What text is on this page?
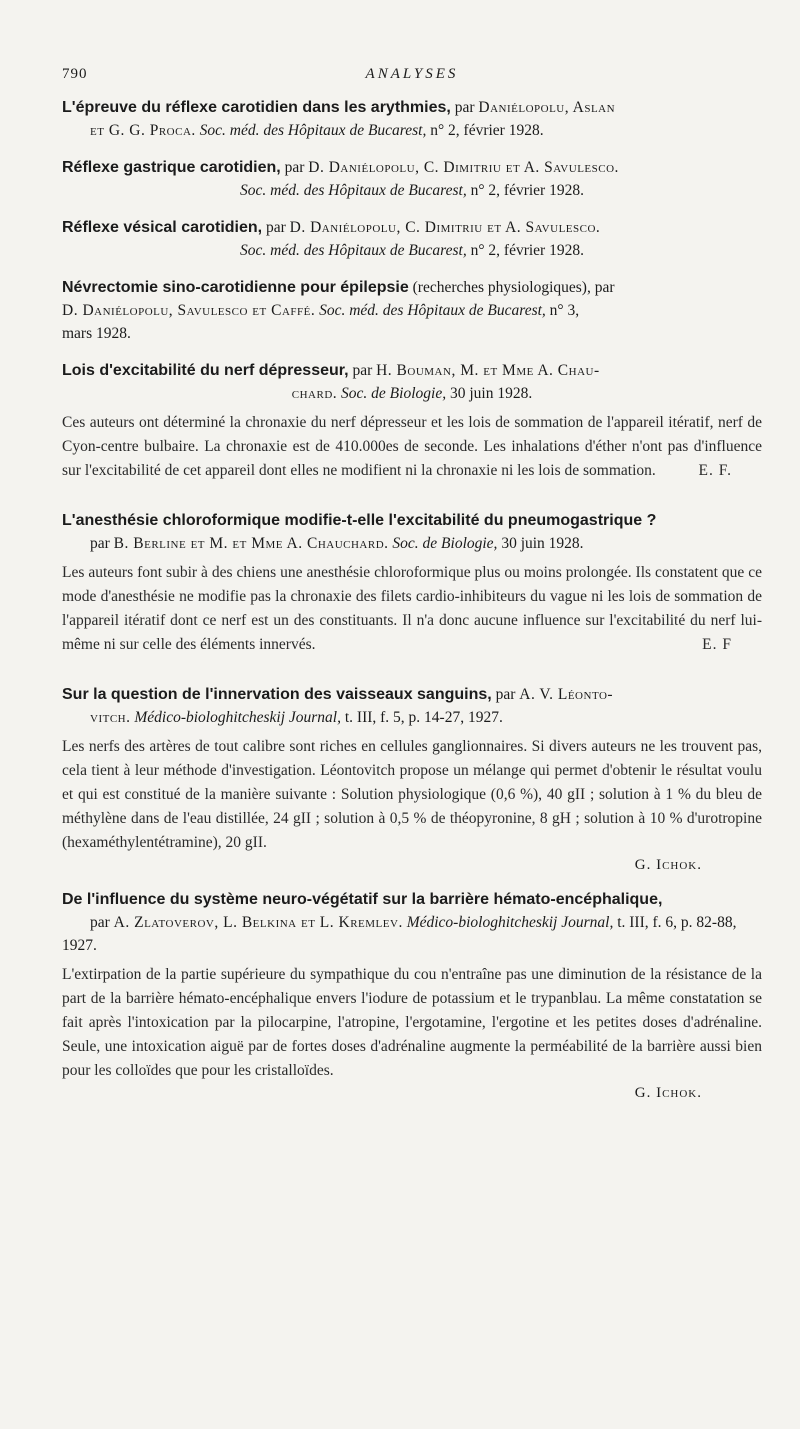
790	ANALYSES
L'épreuve du réflexe carotidien dans les arythmies, par Daniélopolu, Aslan
et G. G. Proca. Soc. méd. des Hôpitaux de Bucarest, n° 2, février 1928.
Réflexe gastrique carotidien, par D. Daniélopolu, C. Dimitriu et A. Savulesco.

Soc. méd. des Hôpitaux de Bucarest, n° 2, février 1928.
Réflexe vésical carotidien, par D. Daniélopolu, C. Dimitriu et A. Savulesco.

Soc. méd. des Hôpitaux de Bucarest, n° 2, février 1928.
Névrectomie sino-carotidienne pour épilepsie (recherches physiologiques), par
D. Daniélopolu, Savulesco et Caffé. Soc. méd. des Hôpitaux de Bucarest, n° 3,
mars 1928.
Lois d'excitabilité du nerf dépresseur, par H. Bouman, M. et Mme A. Chau-

chard. Soc. de Biologie, 30 juin 1928.

Ces auteurs ont déterminé la chronaxie du nerf dépresseur et les lois de sommation de l'appareil itératif, nerf de Cyon-centre bulbaire. La chronaxie est de 410.000es de seconde. Les inhalations d'éther n'ont pas d'influence sur l'excitabilité de cet appareil dont elles ne modifient ni la chronaxie ni les lois de sommation.	E. F.

L'anesthésie chloroformique modifie-t-elle l'excitabilité du pneumogastrique ?
par B. Berline et M. et Mme A. Chauchard. Soc. de Biologie, 30 juin 1928.

Les auteurs font subir à des chiens une anesthésie chloroformique plus ou moins prolongée. Ils constatent que ce mode d'anesthésie ne modifie pas la chronaxie des filets cardio-inhibiteurs du vague ni les lois de sommation de l'appareil itératif dont ce nerf est un des constituants. Il n'a donc aucune influence sur l'excitabilité du nerf lui-même ni sur celle des éléments innervés.	E. F

Sur la question de l'innervation des vaisseaux sanguins, par A. V. Léonto-
vitch. Médico-biologhitcheskij Journal, t. III, f. 5, p. 14-27, 1927.

Les nerfs des artères de tout calibre sont riches en cellules ganglionnaires. Si divers auteurs ne les trouvent pas, cela tient à leur méthode d'investigation. Léontovitch propose un mélange qui permet d'obtenir le résultat voulu et qui est constitué de la manière suivante : Solution physiologique (0,6 %), 40 gII ; solution à 1 % du bleu de méthylène dans de l'eau distillée, 24 gII ; solution à 0,5 % de théopyronine, 8 gH ; solution à 10 % d'urotropine (hexaméthylentétramine), 20 gII.

G. Ichok.
De l'influence du système neuro-végétatif sur la barrière hémato-encéphalique,
par A. Zlatoverov, L. Belkina et L. Kremlev. Médico-biologhitcheskij Journal, t. III, f. 6, p. 82-88, 1927.

L'extirpation de la partie supérieure du sympathique du cou n'entraîne pas une diminution de la résistance de la part de la barrière hémato-encéphalique envers l'iodure de potassium et le trypanblau. La même constatation se fait après l'intoxication par la pilocarpine, l'atropine, l'ergotamine, l'ergotine et les petites doses d'adrénaline. Seule, une intoxication aiguë par de fortes doses d'adrénaline augmente la perméabilité de la barrière aussi bien pour les colloïdes que pour les cristalloïdes.

G. Ichok.
